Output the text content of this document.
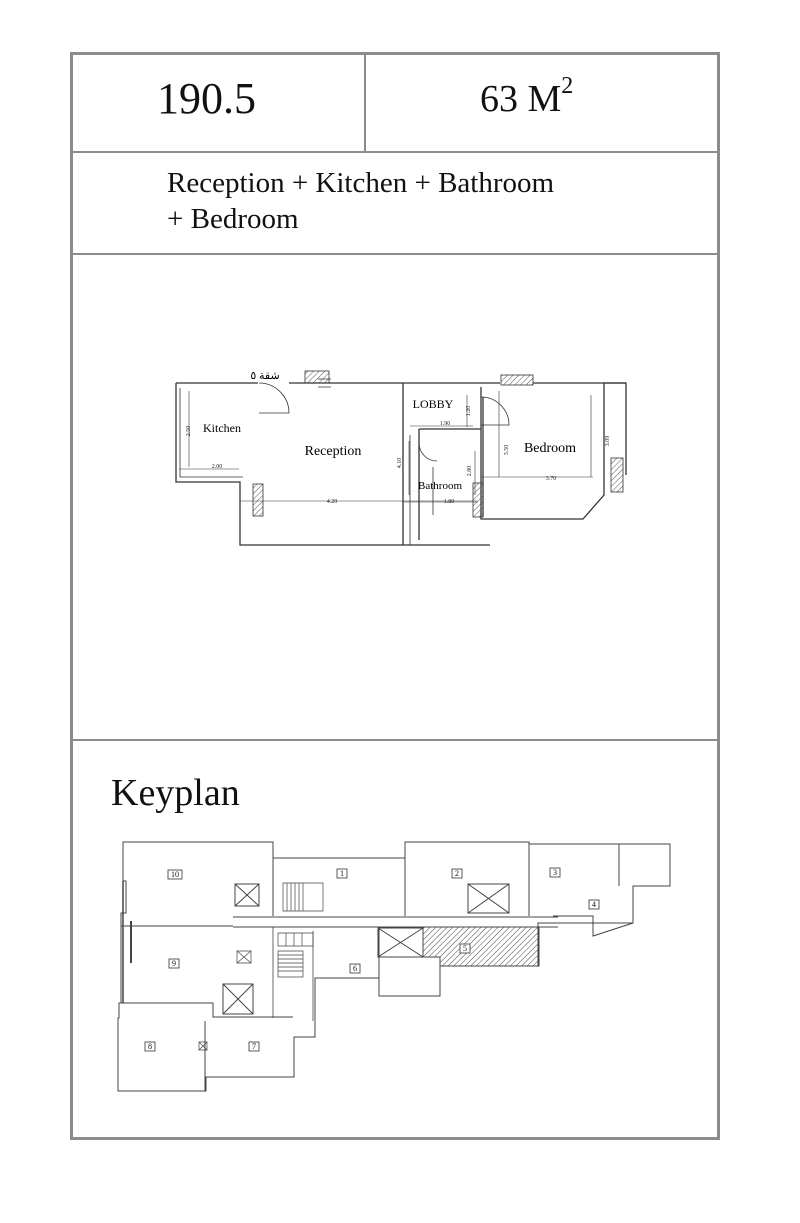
190.5	63 $M^2$
Reception + Kitchen + Bathroom
+ Bedroom
شقة ٥
Kitchen
Reception
LOBBY
Bathroom
Bedroom
2.50
2.00
4.20
4.10
1.90
1.20
1.80
2.80
3.50
3.70
3.09
Keyplan
1	2	3
4
5
6
7
8
9
10
